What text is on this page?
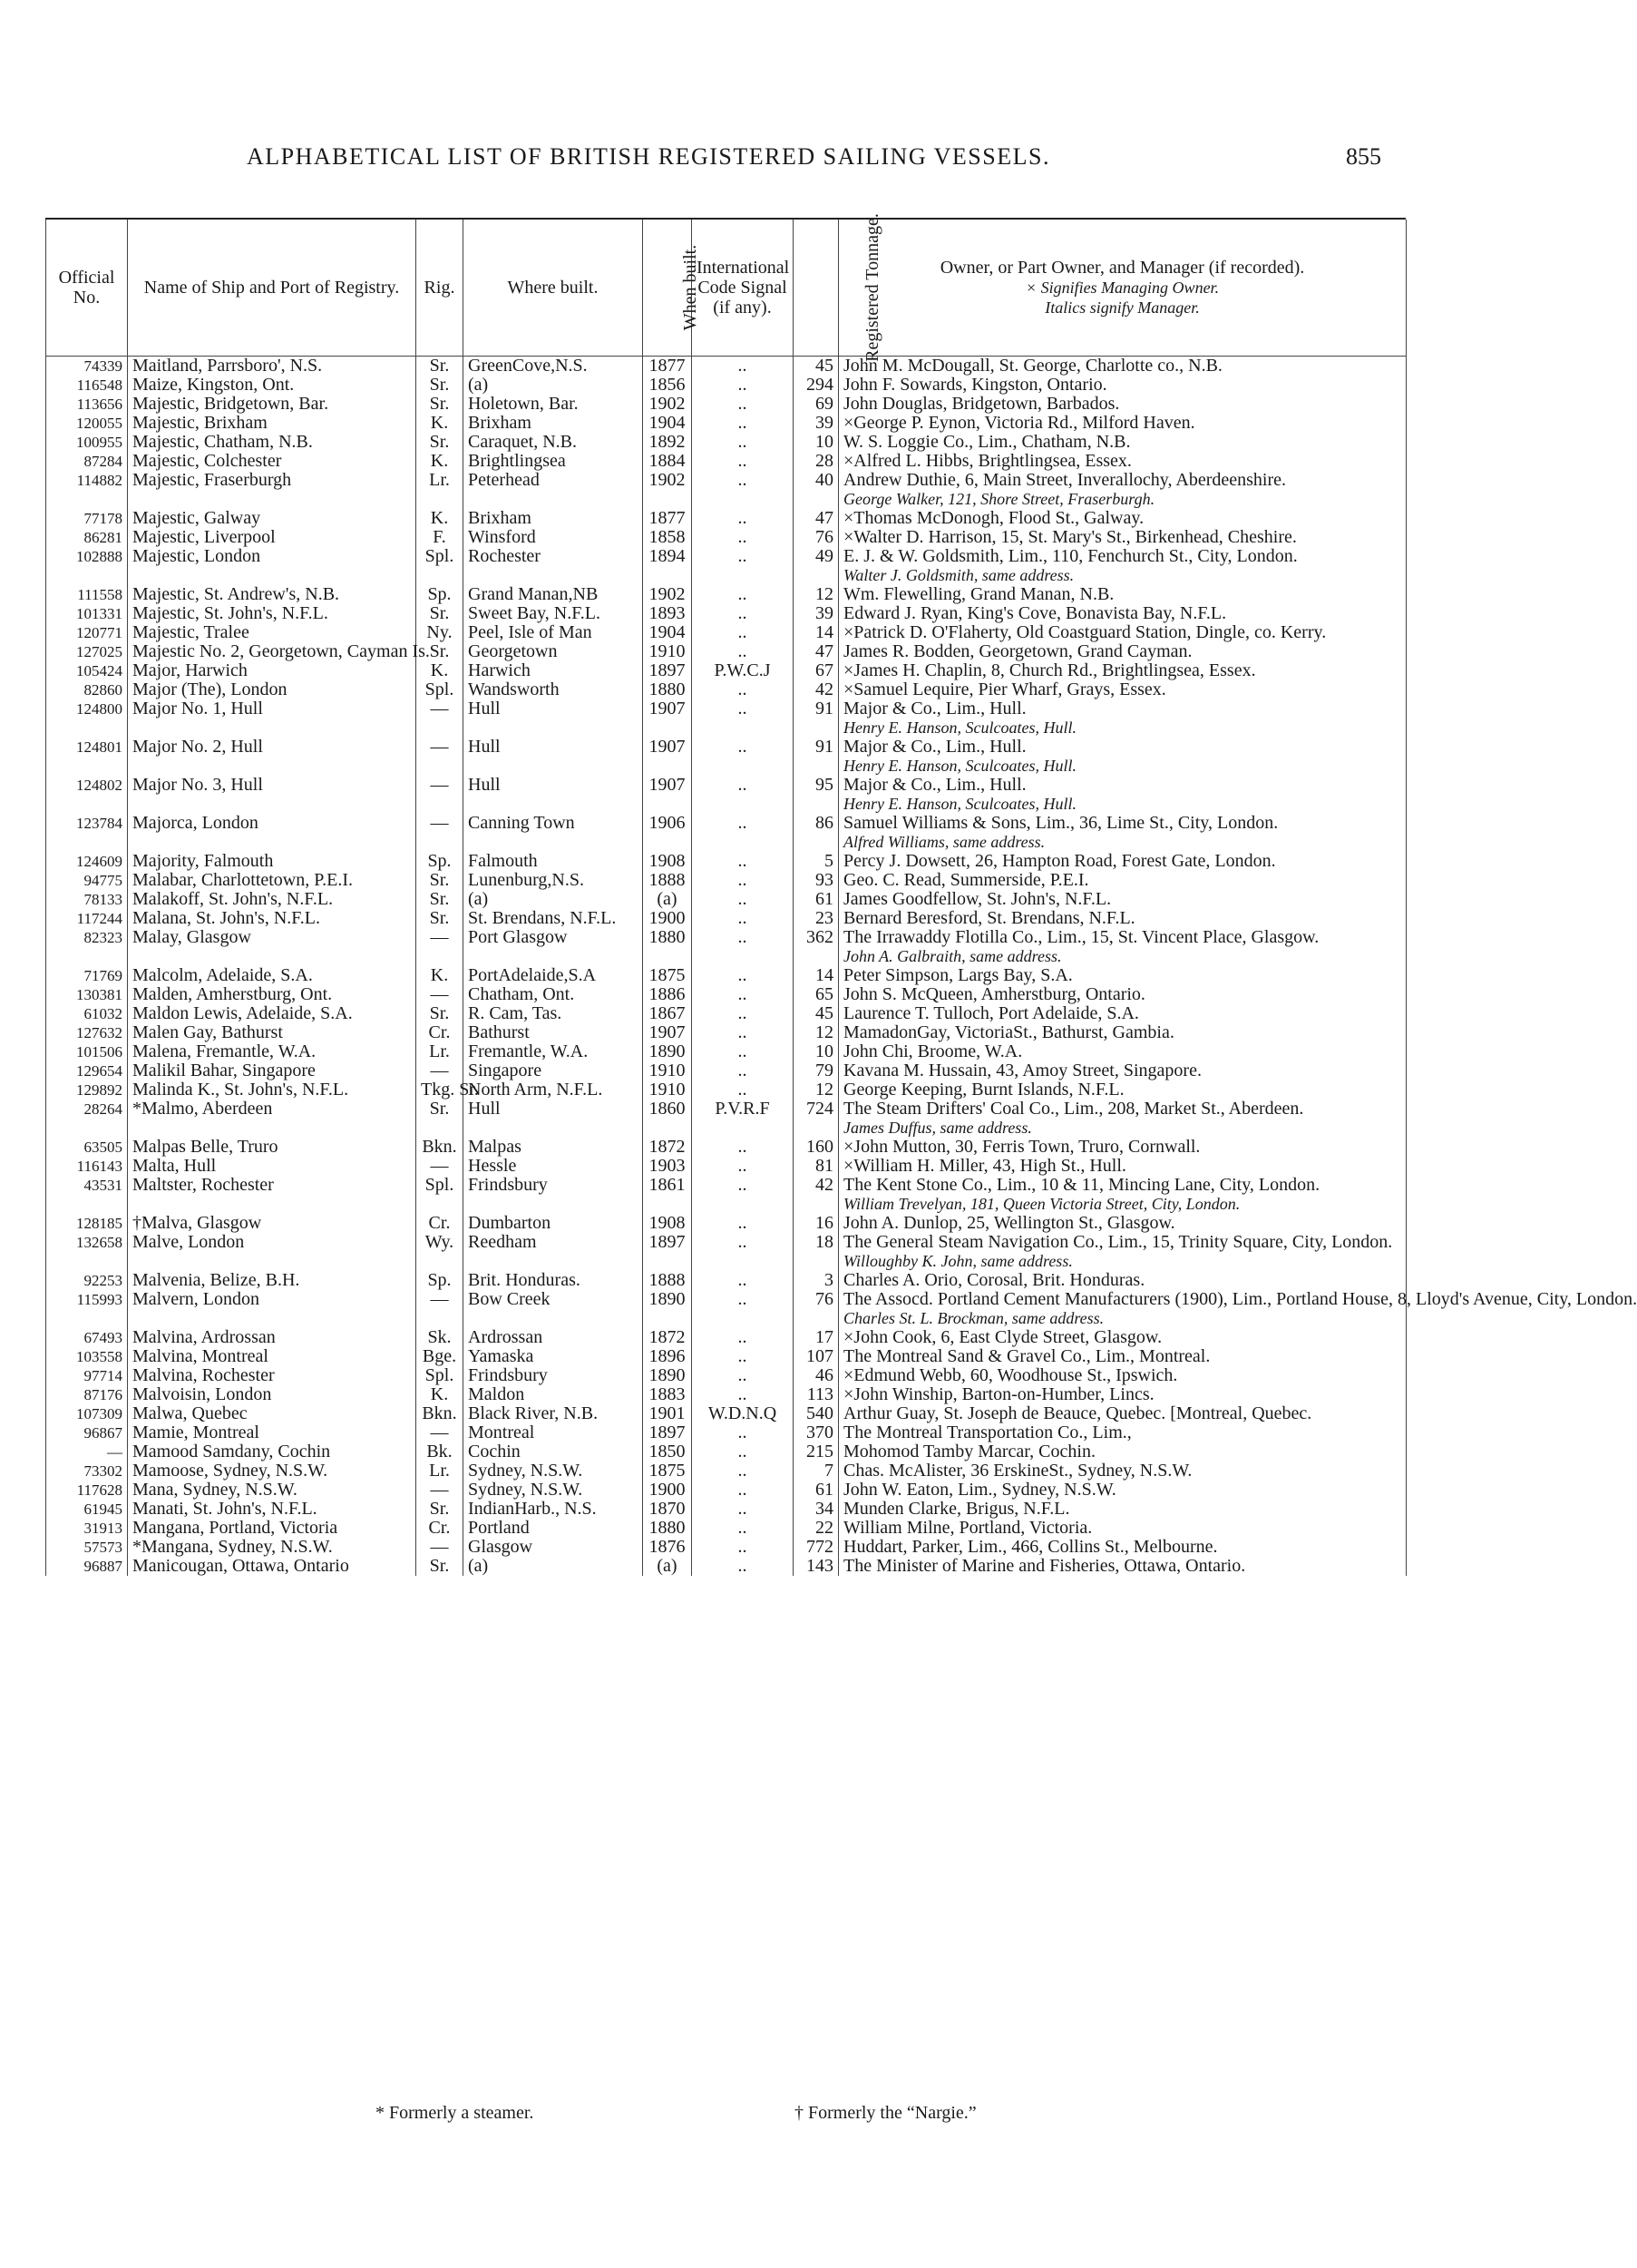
ALPHABETICAL LIST OF BRITISH REGISTERED SAILING VESSELS.	855
Official No.	Name of Ship and Port of Registry.	Rig.	Where built.	When built.	International Code Signal (if any).	Registered Tonnage.	Owner, or Part Owner, and Manager (if recorded).
× Signifies Managing Owner.
Italics signify Manager.

74339	Maitland, Parrsboro', N.S.	Sr.	GreenCove,N.S.	1877	..	45	John M. McDougall, St. George, Charlotte co., N.B.

116548	Maize, Kingston, Ont.	Sr.	(a)	1856	..	294	John F. Sowards, Kingston, Ontario.

113656	Majestic, Bridgetown, Bar.	Sr.	Holetown, Bar.	1902	..	69	John Douglas, Bridgetown, Barbados.

120055	Majestic, Brixham	K.	Brixham	1904	..	39	×George P. Eynon, Victoria Rd., Milford Haven.

100955	Majestic, Chatham, N.B.	Sr.	Caraquet, N.B.	1892	..	10	W. S. Loggie Co., Lim., Chatham, N.B.

87284	Majestic, Colchester	K.	Brightlingsea	1884	..	28	×Alfred L. Hibbs, Brightlingsea, Essex.

114882	Majestic, Fraserburgh	Lr.	Peterhead	1902	..	40	Andrew Duthie, 6, Main Street, Inverallochy, Aberdeenshire.
George Walker, 121, Shore Street, Fraserburgh.

77178	Majestic, Galway	K.	Brixham	1877	..	47	×Thomas McDonogh, Flood St., Galway.

86281	Majestic, Liverpool	F.	Winsford	1858	..	76	×Walter D. Harrison, 15, St. Mary's St., Birkenhead, Cheshire.

102888	Majestic, London	Spl.	Rochester	1894	..	49	E. J. & W. Goldsmith, Lim., 110, Fenchurch St., City, London.
Walter J. Goldsmith, same address.

111558	Majestic, St. Andrew's, N.B.	Sp.	Grand Manan,NB	1902	..	12	Wm. Flewelling, Grand Manan, N.B.

101331	Majestic, St. John's, N.F.L.	Sr.	Sweet Bay, N.F.L.	1893	..	39	Edward J. Ryan, King's Cove, Bonavista Bay, N.F.L.

120771	Majestic, Tralee	Ny.	Peel, Isle of Man	1904	..	14	×Patrick D. O'Flaherty, Old Coastguard Station, Dingle, co. Kerry.

127025	Majestic No. 2, Georgetown, Cayman Is.	Sr.	Georgetown	1910	..	47	James R. Bodden, Georgetown, Grand Cayman.

105424	Major, Harwich	K.	Harwich	1897	P.W.C.J	67	×James H. Chaplin, 8, Church Rd., Brightlingsea, Essex.

82860	Major (The), London	Spl.	Wandsworth	1880	..	42	×Samuel Lequire, Pier Wharf, Grays, Essex.

124800	Major No. 1, Hull	—	Hull	1907	..	91	Major & Co., Lim., Hull.
Henry E. Hanson, Sculcoates, Hull.

124801	Major No. 2, Hull	—	Hull	1907	..	91	Major & Co., Lim., Hull.
Henry E. Hanson, Sculcoates, Hull.

124802	Major No. 3, Hull	—	Hull	1907	..	95	Major & Co., Lim., Hull.
Henry E. Hanson, Sculcoates, Hull.

123784	Majorca, London	—	Canning Town	1906	..	86	Samuel Williams & Sons, Lim., 36, Lime St., City, London.
Alfred Williams, same address.

124609	Majority, Falmouth	Sp.	Falmouth	1908	..	5	Percy J. Dowsett, 26, Hampton Road, Forest Gate, London.

94775	Malabar, Charlottetown, P.E.I.	Sr.	Lunenburg,N.S.	1888	..	93	Geo. C. Read, Summerside, P.E.I.

78133	Malakoff, St. John's, N.F.L.	Sr.	(a)	(a)	..	61	James Goodfellow, St. John's, N.F.L.

117244	Malana, St. John's, N.F.L.	Sr.	St. Brendans, N.F.L.	1900	..	23	Bernard Beresford, St. Brendans, N.F.L.

82323	Malay, Glasgow	—	Port Glasgow	1880	..	362	The Irrawaddy Flotilla Co., Lim., 15, St. Vincent Place, Glasgow.
John A. Galbraith, same address.

71769	Malcolm, Adelaide, S.A.	K.	PortAdelaide,S.A	1875	..	14	Peter Simpson, Largs Bay, S.A.

130381	Malden, Amherstburg, Ont.	—	Chatham, Ont.	1886	..	65	John S. McQueen, Amherstburg, Ontario.

61032	Maldon Lewis, Adelaide, S.A.	Sr.	R. Cam, Tas.	1867	..	45	Laurence T. Tulloch, Port Adelaide, S.A.

127632	Malen Gay, Bathurst	Cr.	Bathurst	1907	..	12	MamadonGay, VictoriaSt., Bathurst, Gambia.

101506	Malena, Fremantle, W.A.	Lr.	Fremantle, W.A.	1890	..	10	John Chi, Broome, W.A.

129654	Malikil Bahar, Singapore	—	Singapore	1910	..	79	Kavana M. Hussain, 43, Amoy Street, Singapore.

129892	Malinda K., St. John's, N.F.L.	Tkg. Sr.	North Arm, N.F.L.	1910	..	12	George Keeping, Burnt Islands, N.F.L.

28264	*Malmo, Aberdeen	Sr.	Hull	1860	P.V.R.F	724	The Steam Drifters' Coal Co., Lim., 208, Market St., Aberdeen.
James Duffus, same address.

63505	Malpas Belle, Truro	Bkn.	Malpas	1872	..	160	×John Mutton, 30, Ferris Town, Truro, Cornwall.

116143	Malta, Hull	—	Hessle	1903	..	81	×William H. Miller, 43, High St., Hull.

43531	Maltster, Rochester	Spl.	Frindsbury	1861	..	42	The Kent Stone Co., Lim., 10 & 11, Mincing Lane, City, London.
William Trevelyan, 181, Queen Victoria Street, City, London.

128185	†Malva, Glasgow	Cr.	Dumbarton	1908	..	16	John A. Dunlop, 25, Wellington St., Glasgow.

132658	Malve, London	Wy.	Reedham	1897	..	18	The General Steam Navigation Co., Lim., 15, Trinity Square, City, London.
Willoughby K. John, same address.

92253	Malvenia, Belize, B.H.	Sp.	Brit. Honduras.	1888	..	3	Charles A. Orio, Corosal, Brit. Honduras.

115993	Malvern, London	—	Bow Creek	1890	..	76	The Assocd. Portland Cement Manufacturers (1900), Lim., Portland House, 8, Lloyd's Avenue, City, London.
Charles St. L. Brockman, same address.

67493	Malvina, Ardrossan	Sk.	Ardrossan	1872	..	17	×John Cook, 6, East Clyde Street, Glasgow.

103558	Malvina, Montreal	Bge.	Yamaska	1896	..	107	The Montreal Sand & Gravel Co., Lim., Montreal.

97714	Malvina, Rochester	Spl.	Frindsbury	1890	..	46	×Edmund Webb, 60, Woodhouse St., Ipswich.

87176	Malvoisin, London	K.	Maldon	1883	..	113	×John Winship, Barton-on-Humber, Lincs.

107309	Malwa, Quebec	Bkn.	Black River, N.B.	1901	W.D.N.Q	540	Arthur Guay, St. Joseph de Beauce, Quebec. [Montreal, Quebec.

96867	Mamie, Montreal	—	Montreal	1897	..	370	The Montreal Transportation Co., Lim.,

—	Mamood Samdany, Cochin	Bk.	Cochin	1850	..	215	Mohomod Tamby Marcar, Cochin.

73302	Mamoose, Sydney, N.S.W.	Lr.	Sydney, N.S.W.	1875	..	7	Chas. McAlister, 36 ErskineSt., Sydney, N.S.W.

117628	Mana, Sydney, N.S.W.	—	Sydney, N.S.W.	1900	..	61	John W. Eaton, Lim., Sydney, N.S.W.

61945	Manati, St. John's, N.F.L.	Sr.	IndianHarb., N.S.	1870	..	34	Munden Clarke, Brigus, N.F.L.

31913	Mangana, Portland, Victoria	Cr.	Portland	1880	..	22	William Milne, Portland, Victoria.

57573	*Mangana, Sydney, N.S.W.	—	Glasgow	1876	..	772	Huddart, Parker, Lim., 466, Collins St., Melbourne.

96887	Manicougan, Ottawa, Ontario	Sr.	(a)	(a)	..	143	The Minister of Marine and Fisheries, Ottawa, Ontario.
* Formerly a steamer.	† Formerly the “Nargie.”
